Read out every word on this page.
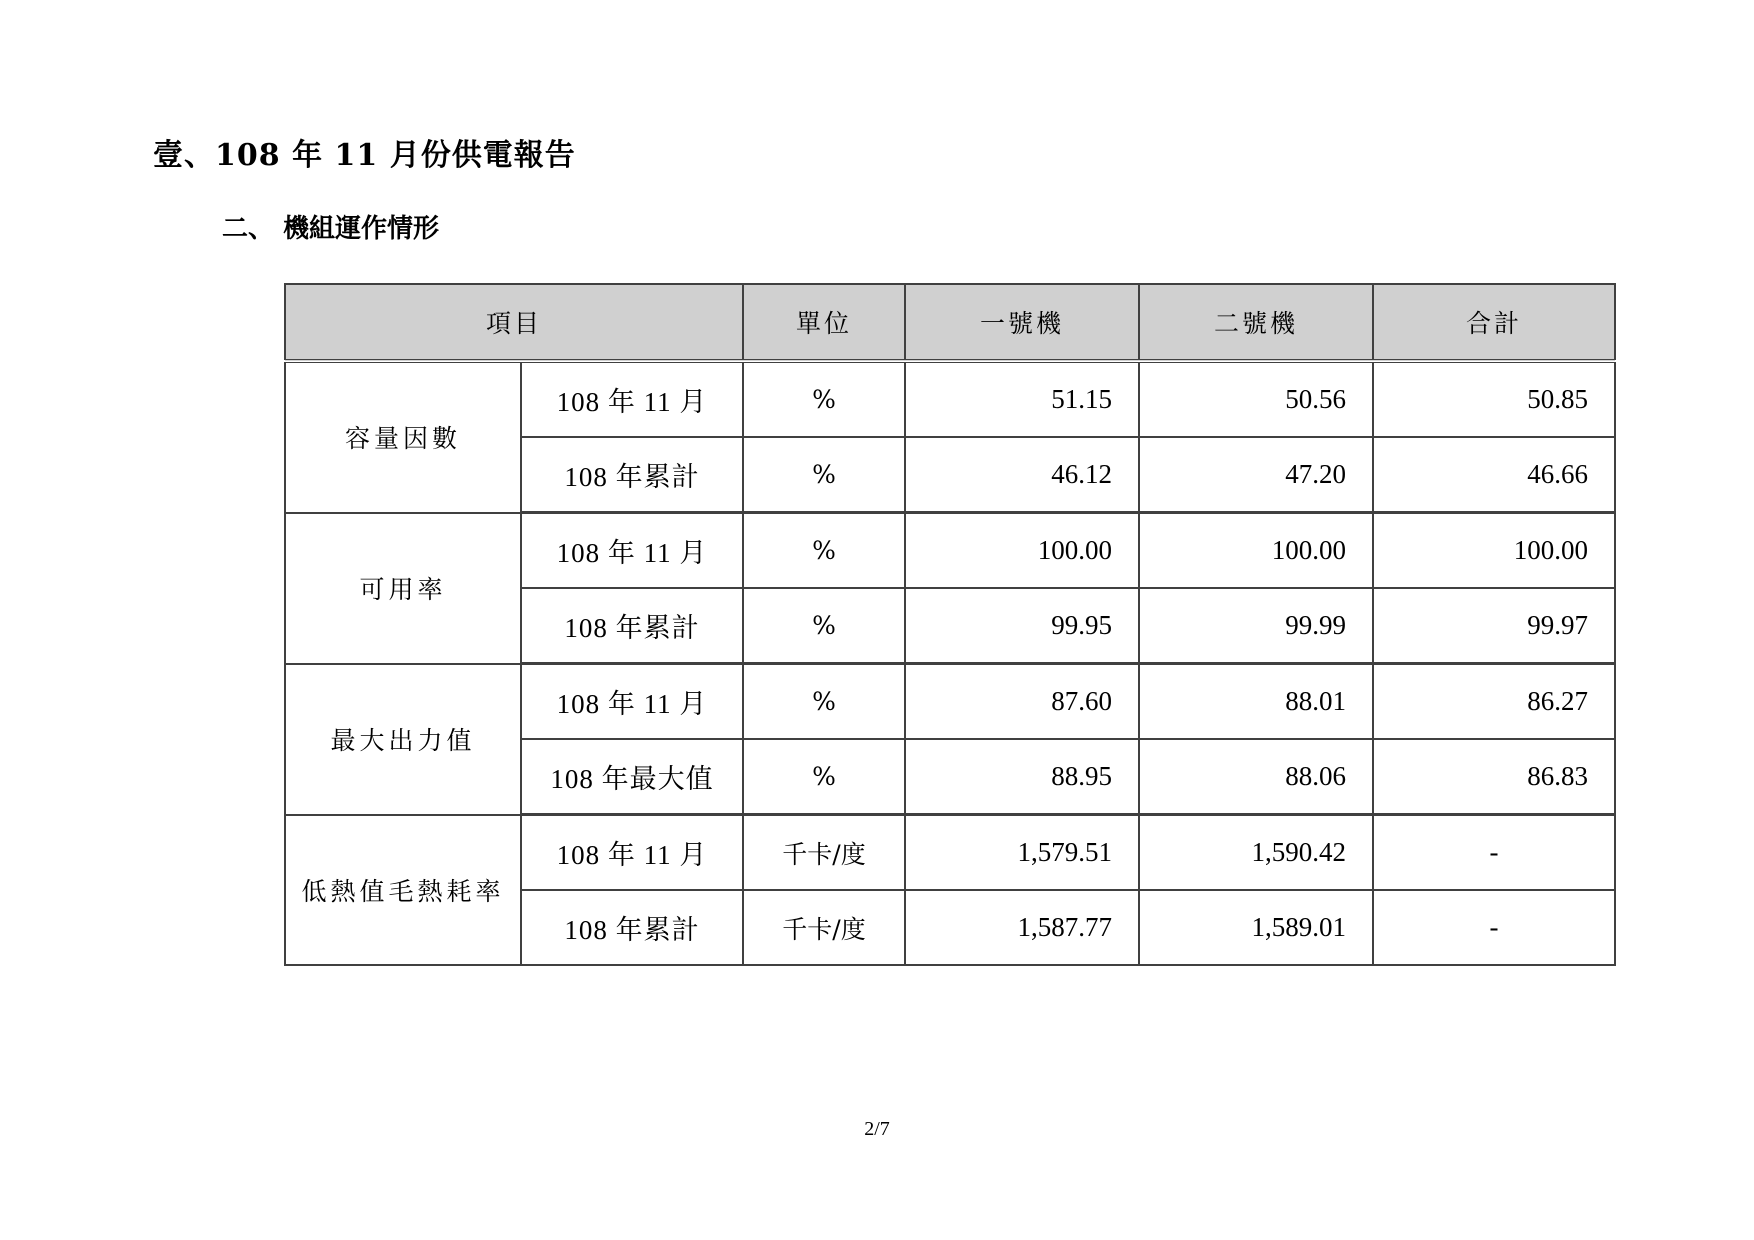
壹、108 年 11 月份供電報告
二、 機組運作情形
項目		單位	一號機	二號機	合計
容量因數	108 年 11 月	%	51.15	50.56	50.85
	108 年累計	%	46.12	47.20	46.66
可用率	108 年 11 月	%	100.00	100.00	100.00
	108 年累計	%	99.95	99.99	99.97
最大出力值	108 年 11 月	%	87.60	88.01	86.27
	108 年最大值	%	88.95	88.06	86.83
低熱值毛熱耗率	108 年 11 月	千卡/度	1,579.51	1,590.42	-
	108 年累計	千卡/度	1,587.77	1,589.01	-
2/7
